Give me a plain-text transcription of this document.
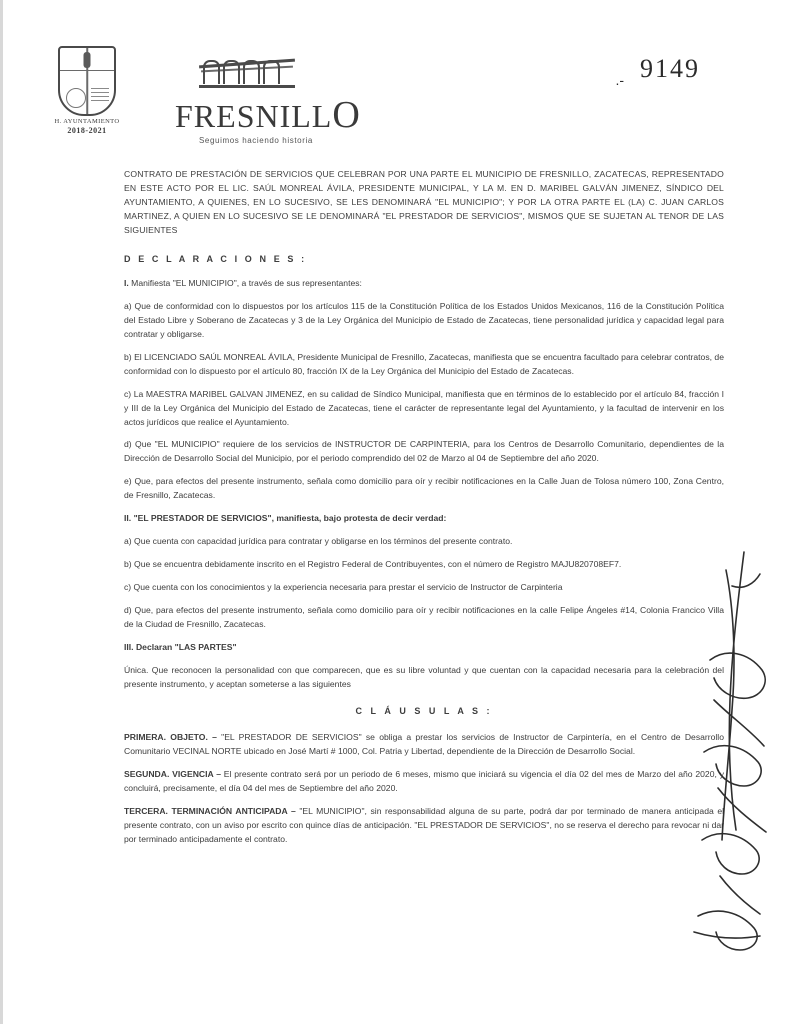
H. AYUNTAMIENTO
2018-2021	FRESNILLO
Seguimos haciendo historia
.- 9149

CONTRATO DE PRESTACIÓN DE SERVICIOS QUE CELEBRAN POR UNA PARTE EL MUNICIPIO DE FRESNILLO, ZACATECAS, REPRESENTADO EN ESTE ACTO POR EL LIC. SAÚL MONREAL ÁVILA, PRESIDENTE MUNICIPAL, Y LA M. EN D. MARIBEL GALVÁN JIMENEZ, SÍNDICO DEL AYUNTAMIENTO, A QUIENES, EN LO SUCESIVO, SE LES DENOMINARÁ "EL MUNICIPIO"; Y POR LA OTRA PARTE EL (LA) C. JUAN CARLOS MARTINEZ, A QUIEN EN LO SUCESIVO SE LE DENOMINARÁ "EL PRESTADOR DE SERVICIOS", MISMOS QUE SE SUJETAN AL TENOR DE LAS SIGUIENTES

D E C L A R A C I O N E S :

I. Manifiesta "EL MUNICIPIO", a través de sus representantes:

a) Que de conformidad con lo dispuestos por los artículos 115 de la Constitución Política de los Estados Unidos Mexicanos, 116 de la Constitución Política del Estado Libre y Soberano de Zacatecas y 3 de la Ley Orgánica del Municipio de Estado de Zacatecas, tiene personalidad jurídica y capacidad legal para contratar y obligarse.

b) El LICENCIADO SAÚL MONREAL ÁVILA, Presidente Municipal de Fresnillo, Zacatecas, manifiesta que se encuentra facultado para celebrar contratos, de conformidad con lo dispuesto por el artículo 80, fracción IX de la Ley Orgánica del Municipio del Estado de Zacatecas.

c) La MAESTRA MARIBEL GALVAN JIMENEZ, en su calidad de Síndico Municipal, manifiesta que en términos de lo establecido por el artículo 84, fracción I y III de la Ley Orgánica del Municipio del Estado de Zacatecas, tiene el carácter de representante legal del Ayuntamiento, y la facultad de intervenir en los actos jurídicos que realice el Ayuntamiento.

d) Que "EL MUNICIPIO" requiere de los servicios de INSTRUCTOR DE CARPINTERIA, para los Centros de Desarrollo Comunitario, dependientes de la Dirección de Desarrollo Social del Municipio, por el periodo comprendido del 02 de Marzo al 04 de Septiembre del año 2020.

e) Que, para efectos del presente instrumento, señala como domicilio para oír y recibir notificaciones en la Calle Juan de Tolosa número 100, Zona Centro, de Fresnillo, Zacatecas.

II. "EL PRESTADOR DE SERVICIOS", manifiesta, bajo protesta de decir verdad:

a) Que cuenta con capacidad jurídica para contratar y obligarse en los términos del presente contrato.

b) Que se encuentra debidamente inscrito en el Registro Federal de Contribuyentes, con el número de Registro MAJU820708EF7.

c) Que cuenta con los conocimientos y la experiencia necesaria para prestar el servicio de Instructor de Carpinteria

d) Que, para efectos del presente instrumento, señala como domicilio para oír y recibir notificaciones en la calle Felipe Ángeles #14, Colonia Francico Villa de la Ciudad de Fresnillo, Zacatecas.

III. Declaran "LAS PARTES"

Única. Que reconocen la personalidad con que comparecen, que es su libre voluntad y que cuentan con la capacidad necesaria para la celebración del presente instrumento, y aceptan someterse a las siguientes

C L Á U S U L A S :

PRIMERA. OBJETO. – "EL PRESTADOR DE SERVICIOS" se obliga a prestar los servicios de Instructor de Carpintería, en el Centro de Desarrollo Comunitario VECINAL NORTE ubicado en José Martí # 1000, Col. Patria y Libertad, dependiente de la Dirección de Desarrollo Social.

SEGUNDA. VIGENCIA – El presente contrato será por un periodo de 6 meses, mismo que iniciará su vigencia el día 02 del mes de Marzo del año 2020, y concluirá, precisamente, el día 04 del mes de Septiembre del año 2020.

TERCERA. TERMINACIÓN ANTICIPADA – "EL MUNICIPIO", sin responsabilidad alguna de su parte, podrá dar por terminado de manera anticipada el presente contrato, con un aviso por escrito con quince días de anticipación. "EL PRESTADOR DE SERVICIOS", no se reserva el derecho para revocar ni dar por terminado anticipadamente el contrato.
